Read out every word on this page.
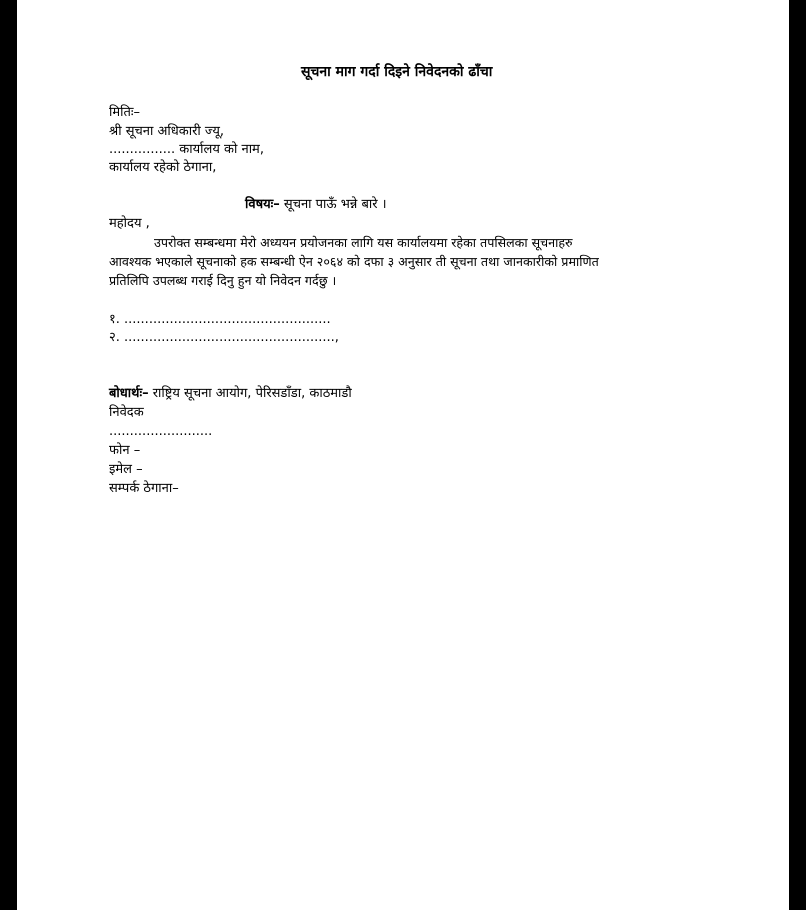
सूचना माग गर्दा दिइने निवेदनको ढाँचा
मितिः–
श्री सूचना अधिकारी ज्यू,
................ कार्यालय को नाम,
कार्यालय रहेको ठेगाना,
विषयः– सूचना पाऊँ भन्ने बारे ।
महोदय ,
उपरोक्त सम्बन्धमा मेरो अध्ययन प्रयोजनका लागि यस कार्यालयमा रहेका तपसिलका सूचनाहरु
आवश्यक भएकाले सूचनाको हक सम्बन्धी ऐन २०६४ को दफा ३ अनुसार ती सूचना तथा जानकारीको प्रमाणित
प्रतिलिपि उपलब्ध गराई दिनु हुन यो निवेदन गर्दछु ।
१. ..................................................
२. ...................................................,
बोधार्थः– राष्ट्रिय सूचना आयोग, पेरिसडाँडा, काठमाडौ
निवेदक
.........................
फोन –
इमेल –
सम्पर्क ठेगाना–
